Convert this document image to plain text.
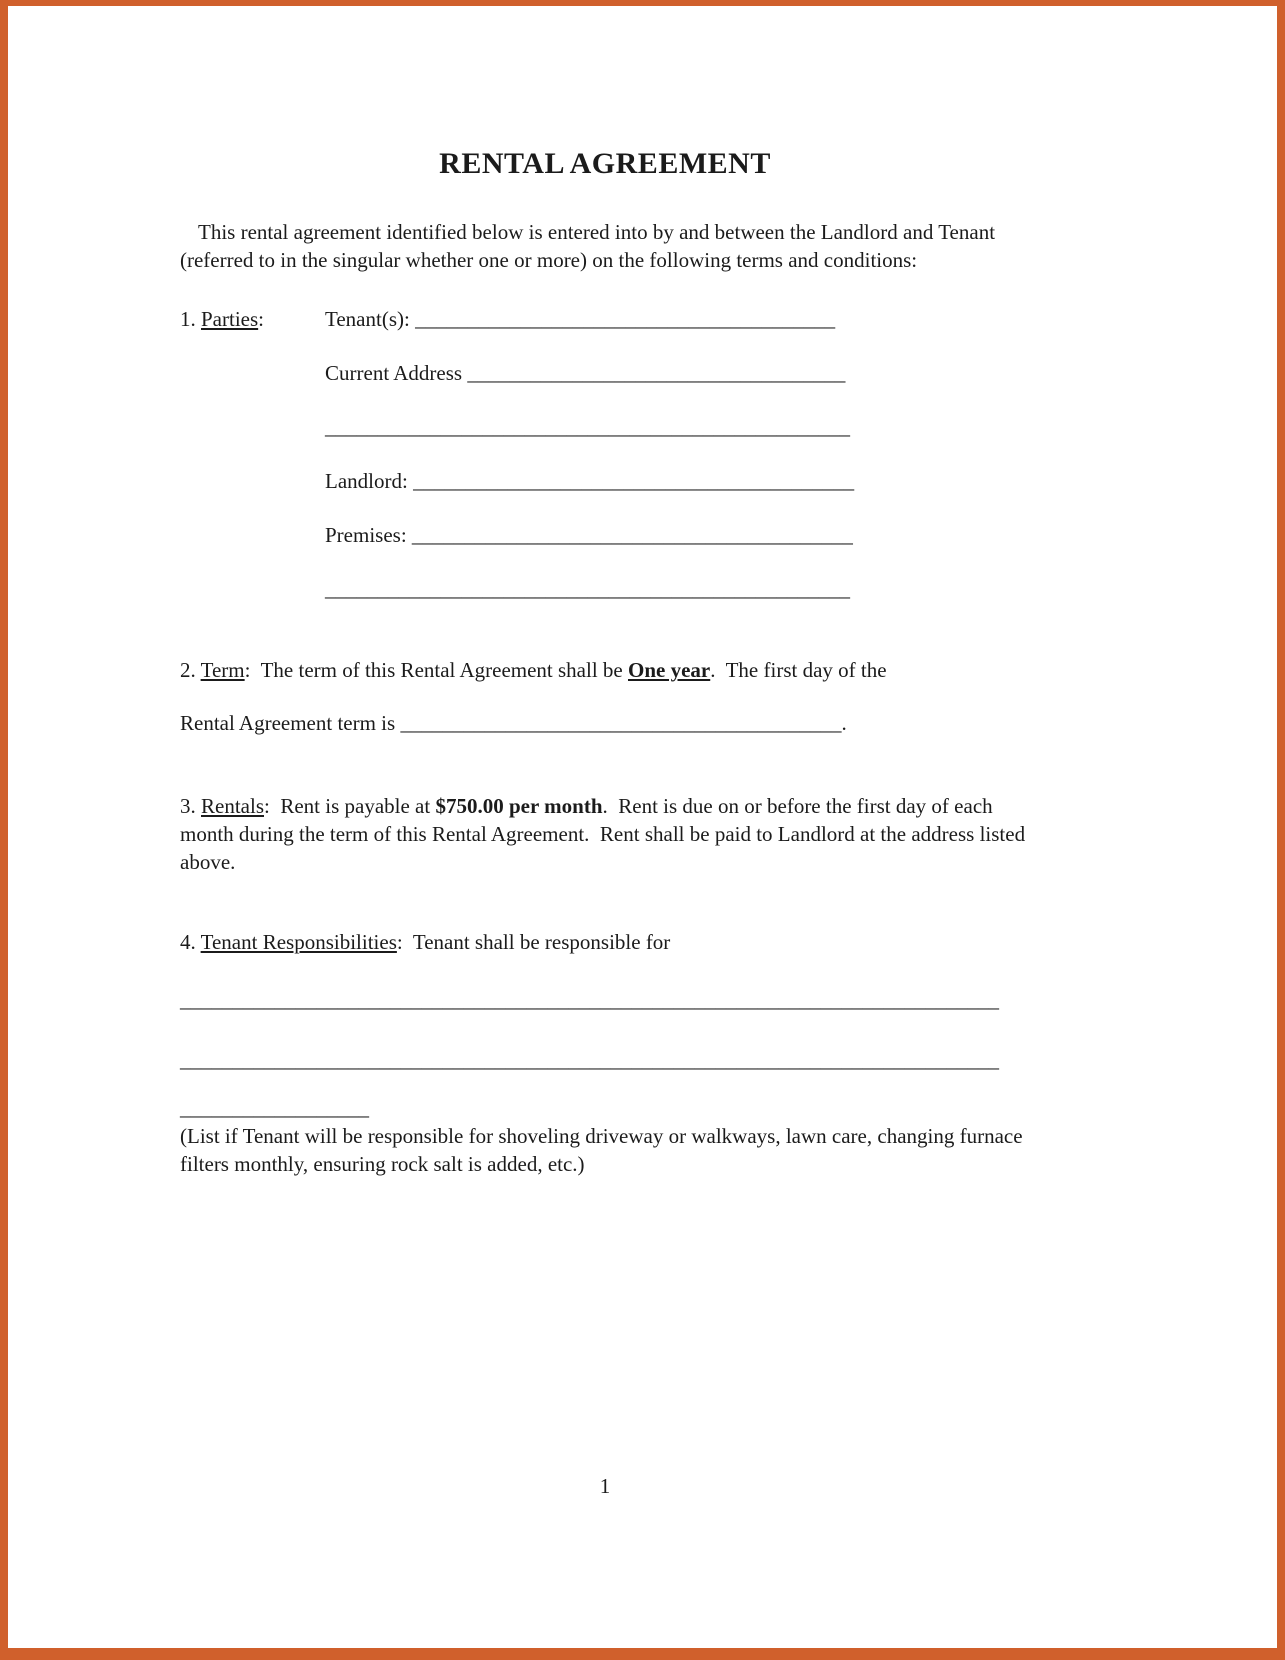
RENTAL AGREEMENT

This rental agreement identified below is entered into by and between the Landlord and Tenant (referred to in the singular whether one or more) on the following terms and conditions:

1. Parties:	Tenant(s): ________________________________________
Current Address ____________________________________
__________________________________________________
Landlord: __________________________________________
Premises: __________________________________________
__________________________________________________

2. Term:  The term of this Rental Agreement shall be One year.  The first day of the

Rental Agreement term is __________________________________________.

3. Rentals:  Rent is payable at $750.00 per month.  Rent is due on or before the first day of each month during the term of this Rental Agreement.  Rent shall be paid to Landlord at the address listed above.

4. Tenant Responsibilities:  Tenant shall be responsible for

______________________________________________________________________________
______________________________________________________________________________
__________________

(List if Tenant will be responsible for shoveling driveway or walkways, lawn care, changing furnace filters monthly, ensuring rock salt is added, etc.)

1
